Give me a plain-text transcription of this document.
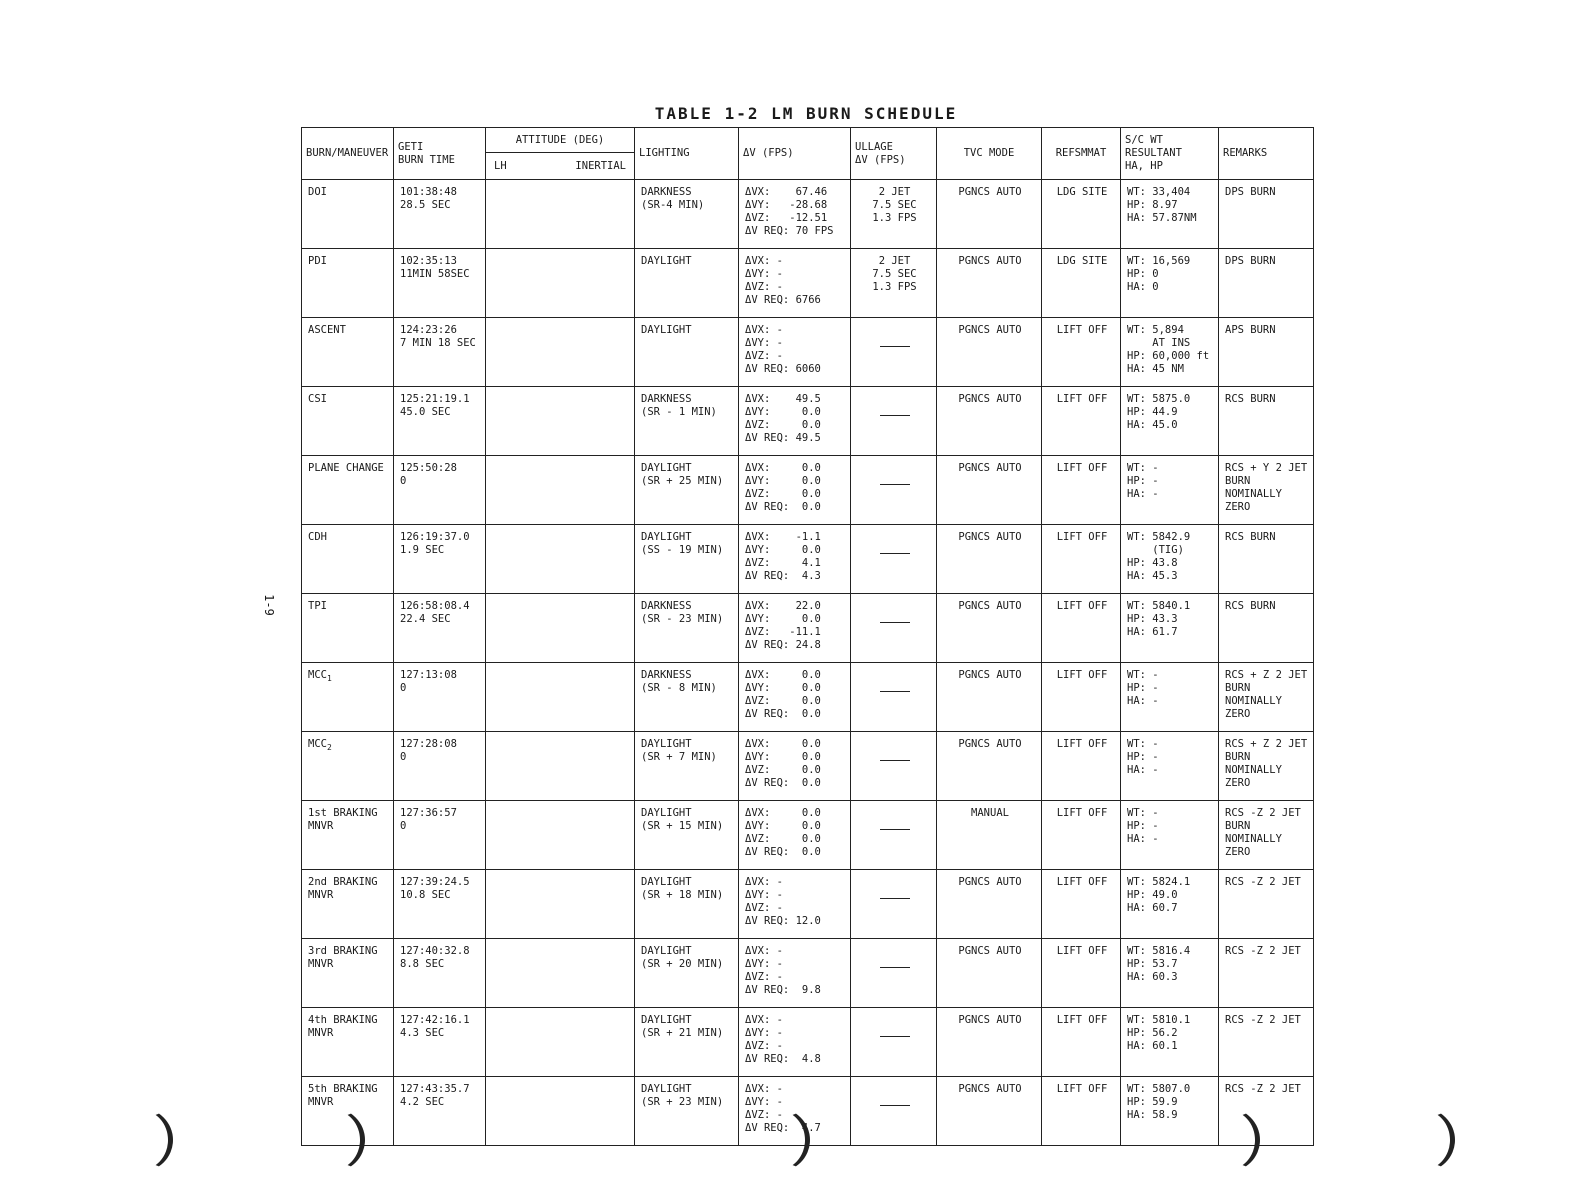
TABLE 1-2 LM BURN SCHEDULE
1-9
BURN/MANEUVER	GETI
BURN TIME	ATTITUDE (DEG)	LIGHTING	ΔV (FPS)	ULLAGE
ΔV (FPS)	TVC MODE	REFSMMAT	S/C WT
RESULTANT
HA, HP	REMARKS

		LH INERTIAL							

DOI	101:38:48
28.5 SEC		DARKNESS
(SR-4 MIN)	ΔVX:    67.46
ΔVY:   -28.68
ΔVZ:   -12.51
ΔV REQ: 70 FPS	2 JET
7.5 SEC
1.3 FPS	PGNCS AUTO	LDG SITE	WT: 33,404
HP: 8.97
HA: 57.87NM	DPS BURN

PDI	102:35:13
11MIN 58SEC		DAYLIGHT	ΔVX: -
ΔVY: -
ΔVZ: -
ΔV REQ: 6766	2 JET
7.5 SEC
1.3 FPS	PGNCS AUTO	LDG SITE	WT: 16,569
HP: 0
HA: 0	DPS BURN

ASCENT	124:23:26
7 MIN 18 SEC		DAYLIGHT	ΔVX: -
ΔVY: -
ΔVZ: -
ΔV REQ: 6060		PGNCS AUTO	LIFT OFF	WT: 5,894
AT INS
HP: 60,000 ft
HA: 45 NM	APS BURN

CSI	125:21:19.1
45.0 SEC		DARKNESS
(SR - 1 MIN)	ΔVX:    49.5
ΔVY:     0.0
ΔVZ:     0.0
ΔV REQ: 49.5		PGNCS AUTO	LIFT OFF	WT: 5875.0
HP: 44.9
HA: 45.0	RCS BURN

PLANE CHANGE	125:50:28
0		DAYLIGHT
(SR + 25 MIN)	ΔVX:     0.0
ΔVY:     0.0
ΔVZ:     0.0
ΔV REQ:  0.0		PGNCS AUTO	LIFT OFF	WT: -
HP: -
HA: -	RCS + Y 2 JET
BURN
NOMINALLY
ZERO

CDH	126:19:37.0
1.9 SEC		DAYLIGHT
(SS - 19 MIN)	ΔVX:    -1.1
ΔVY:     0.0
ΔVZ:     4.1
ΔV REQ:  4.3		PGNCS AUTO	LIFT OFF	WT: 5842.9
(TIG)
HP: 43.8
HA: 45.3	RCS BURN

TPI	126:58:08.4
22.4 SEC		DARKNESS
(SR - 23 MIN)	ΔVX:    22.0
ΔVY:     0.0
ΔVZ:   -11.1
ΔV REQ: 24.8		PGNCS AUTO	LIFT OFF	WT: 5840.1
HP: 43.3
HA: 61.7	RCS BURN

$MCC_1$	127:13:08
0		DARKNESS
(SR - 8 MIN)	ΔVX:     0.0
ΔVY:     0.0
ΔVZ:     0.0
ΔV REQ:  0.0		PGNCS AUTO	LIFT OFF	WT: -
HP: -
HA: -	RCS + Z 2 JET
BURN
NOMINALLY
ZERO

$MCC_2$	127:28:08
0		DAYLIGHT
(SR + 7 MIN)	ΔVX:     0.0
ΔVY:     0.0
ΔVZ:     0.0
ΔV REQ:  0.0		PGNCS AUTO	LIFT OFF	WT: -
HP: -
HA: -	RCS + Z 2 JET
BURN
NOMINALLY
ZERO

1st BRAKING
MNVR	127:36:57
0		DAYLIGHT
(SR + 15 MIN)	ΔVX:     0.0
ΔVY:     0.0
ΔVZ:     0.0
ΔV REQ:  0.0		MANUAL	LIFT OFF	WT: -
HP: -
HA: -	RCS -Z 2 JET
BURN
NOMINALLY
ZERO

2nd BRAKING
MNVR	127:39:24.5
10.8 SEC		DAYLIGHT
(SR + 18 MIN)	ΔVX: -
ΔVY: -
ΔVZ: -
ΔV REQ: 12.0		PGNCS AUTO	LIFT OFF	WT: 5824.1
HP: 49.0
HA: 60.7	RCS -Z 2 JET

3rd BRAKING
MNVR	127:40:32.8
8.8 SEC		DAYLIGHT
(SR + 20 MIN)	ΔVX: -
ΔVY: -
ΔVZ: -
ΔV REQ:  9.8		PGNCS AUTO	LIFT OFF	WT: 5816.4
HP: 53.7
HA: 60.3	RCS -Z 2 JET

4th BRAKING
MNVR	127:42:16.1
4.3 SEC		DAYLIGHT
(SR + 21 MIN)	ΔVX: -
ΔVY: -
ΔVZ: -
ΔV REQ:  4.8		PGNCS AUTO	LIFT OFF	WT: 5810.1
HP: 56.2
HA: 60.1	RCS -Z 2 JET

5th BRAKING
MNVR	127:43:35.7
4.2 SEC		DAYLIGHT
(SR + 23 MIN)	ΔVX: -
ΔVY: -
ΔVZ: -
ΔV REQ:  4.7		PGNCS AUTO	LIFT OFF	WT: 5807.0
HP: 59.9
HA: 58.9	RCS -Z 2 JET
